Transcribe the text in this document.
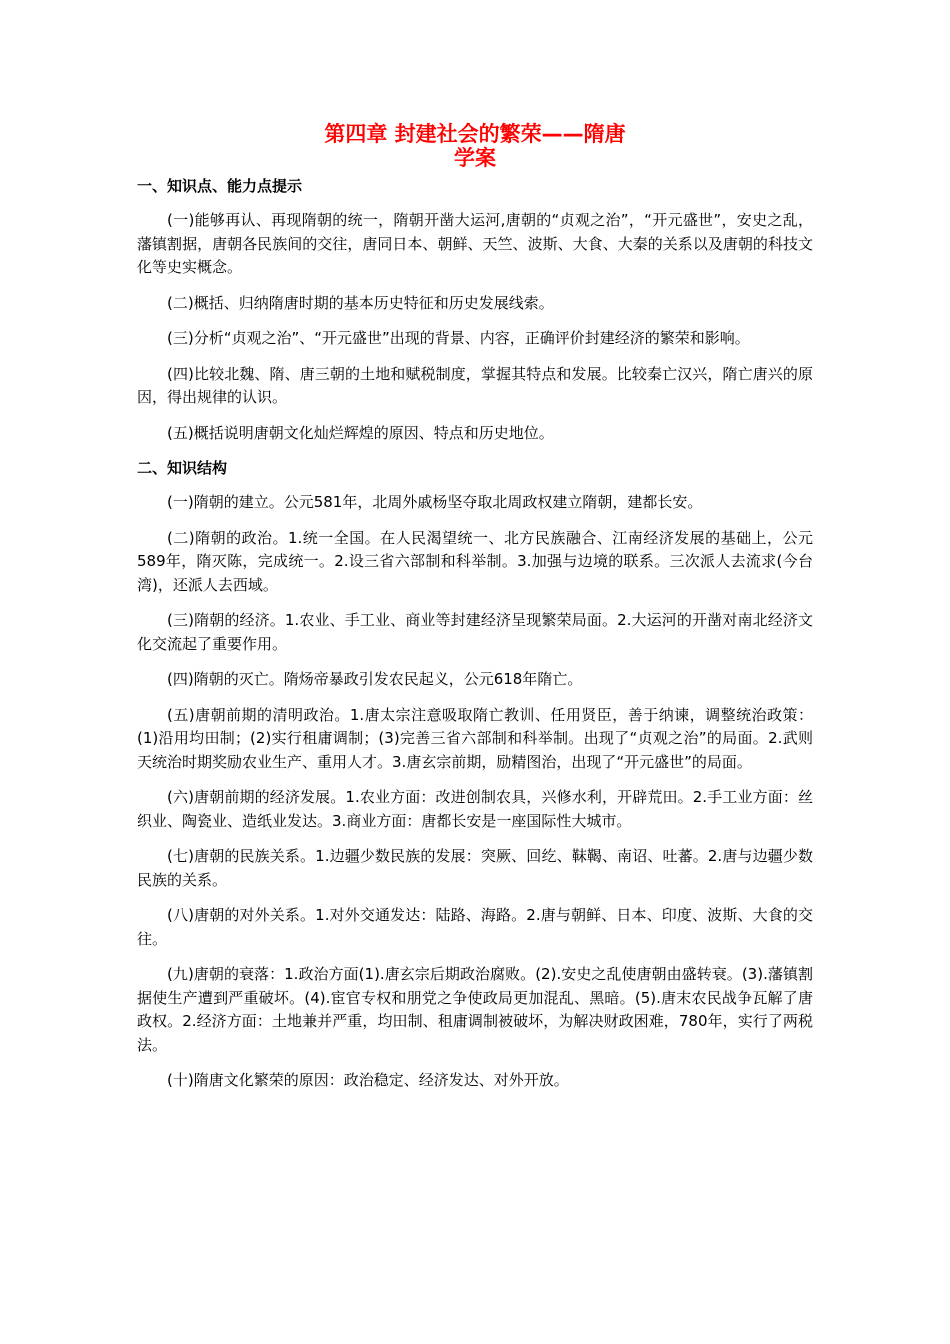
第四章 封建社会的繁荣——隋唐
学案
一、知识点、能力点提示

(一)能够再认、再现隋朝的统一，隋朝开凿大运河,唐朝的“贞观之治”，“开元盛世”，安史之乱，藩镇割据，唐朝各民族间的交往，唐同日本、朝鲜、天竺、波斯、大食、大秦的关系以及唐朝的科技文化等史实概念。

(二)概括、归纳隋唐时期的基本历史特征和历史发展线索。

(三)分析“贞观之治”、“开元盛世”出现的背景、内容，正确评价封建经济的繁荣和影响。

(四)比较北魏、隋、唐三朝的土地和赋税制度，掌握其特点和发展。比较秦亡汉兴，隋亡唐兴的原因，得出规律的认识。

(五)概括说明唐朝文化灿烂辉煌的原因、特点和历史地位。

二、知识结构

(一)隋朝的建立。公元581年，北周外戚杨坚夺取北周政权建立隋朝，建都长安。

(二)隋朝的政治。1.统一全国。在人民渴望统一、北方民族融合、江南经济发展的基础上，公元589年，隋灭陈，完成统一。2.设三省六部制和科举制。3.加强与边境的联系。三次派人去流求(今台湾)，还派人去西域。

(三)隋朝的经济。1.农业、手工业、商业等封建经济呈现繁荣局面。2.大运河的开凿对南北经济文化交流起了重要作用。

(四)隋朝的灭亡。隋炀帝暴政引发农民起义，公元618年隋亡。

(五)唐朝前期的清明政治。1.唐太宗注意吸取隋亡教训、任用贤臣，善于纳谏，调整统治政策：(1)沿用均田制；(2)实行租庸调制；(3)完善三省六部制和科举制。出现了“贞观之治”的局面。2.武则天统治时期奖励农业生产、重用人才。3.唐玄宗前期，励精图治，出现了“开元盛世”的局面。

(六)唐朝前期的经济发展。1.农业方面：改进创制农具，兴修水利，开辟荒田。2.手工业方面：丝织业、陶瓷业、造纸业发达。3.商业方面：唐都长安是一座国际性大城市。

(七)唐朝的民族关系。1.边疆少数民族的发展：突厥、回纥、靺鞨、南诏、吐蕃。2.唐与边疆少数民族的关系。

(八)唐朝的对外关系。1.对外交通发达：陆路、海路。2.唐与朝鲜、日本、印度、波斯、大食的交往。

(九)唐朝的衰落：1.政治方面(1).唐玄宗后期政治腐败。(2).安史之乱使唐朝由盛转衰。(3).藩镇割据使生产遭到严重破坏。(4).宦官专权和朋党之争使政局更加混乱、黑暗。(5).唐末农民战争瓦解了唐政权。2.经济方面：土地兼并严重，均田制、租庸调制被破坏，为解决财政困难，780年，实行了两税法。

(十)隋唐文化繁荣的原因：政治稳定、经济发达、对外开放。
